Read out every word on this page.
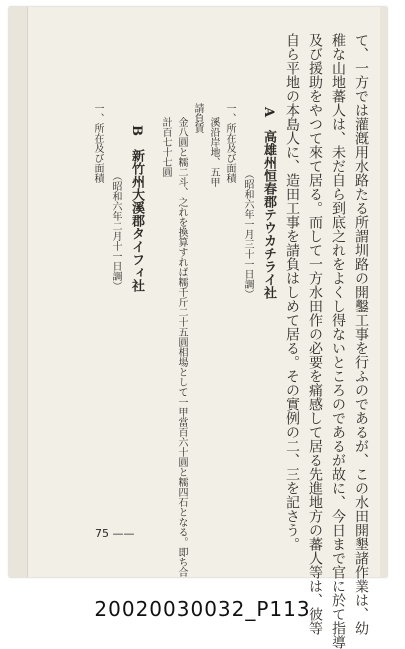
て、一方では灌漑用水路たる所謂圳路の開鑿工事を行ふのであるが、この水田開墾諸作業は、幼
稚な山地蕃人は、未だ自ら到底之れをよくし得ないところのであるが故に、今日まで官に於て指導
及び援助をやつて來て居る。而して一方水田作の必要を痛感して居る先進地方の蕃人等は、彼等
自ら平地の本島人に、造田工事を請負はしめて居る。その實例の二、三を記さう。
A　高雄州恒春郡テウカチライ社
（昭和六年一月三十一日調）
一、所在及び面積
溪沿岸地、五甲
請負賃
金八圓と糯二斗、之れを換算すれば糯千斤二十五圓相場として一甲當百六十圓と糯四石となる。即ち合
計百七十七圓
B　新竹州大溪郡タイフィ社
（昭和六年二月十一日調）
一、所在及び面積
75 ——
20020030032_P113
